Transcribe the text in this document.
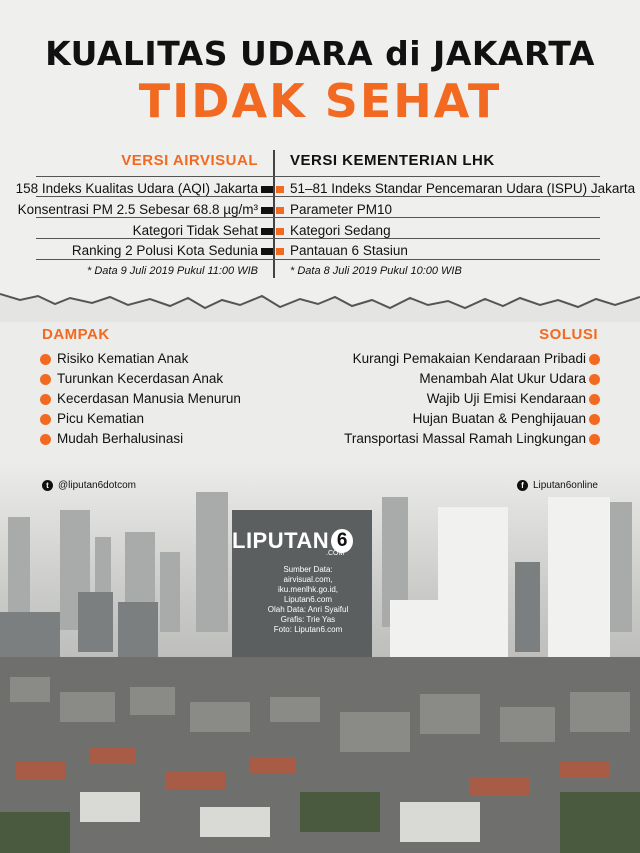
KUALITAS UDARA di JAKARTA
TIDAK SEHAT
VERSI AIRVISUAL VERSI KEMENTERIAN LHK
158 Indeks Kualitas Udara (AQI) Jakarta
Konsentrasi PM 2.5 Sebesar 68.8 µg/m³
Kategori Tidak Sehat
Ranking 2 Polusi Kota Sedunia
* Data 9 Juli 2019 Pukul 11:00 WIB
51–81 Indeks Standar Pencemaran Udara (ISPU) Jakarta
Parameter PM10
Kategori Sedang
Pantauan 6 Stasiun
* Data 8 Juli 2019 Pukul 10:00 WIB
DAMPAK
Risiko Kematian Anak
Turunkan Kecerdasan Anak
Kecerdasan Manusia Menurun
Picu Kematian
Mudah Berhalusinasi
SOLUSI
Kurangi Pemakaian Kendaraan Pribadi
Menambah Alat Ukur Udara
Wajib Uji Emisi Kendaraan
Hujan Buatan & Penghijauan
Transportasi Massal Ramah Lingkungan
t @liputan6dotcom	f Liputan6online
LIPUTAN 6
.COM
Sumber Data: airvisual.com,
iku.menlhk.go.id, Liputan6.com
Olah Data: Anri Syaiful
Grafis: Trie Yas
Foto: Liputan6.com
